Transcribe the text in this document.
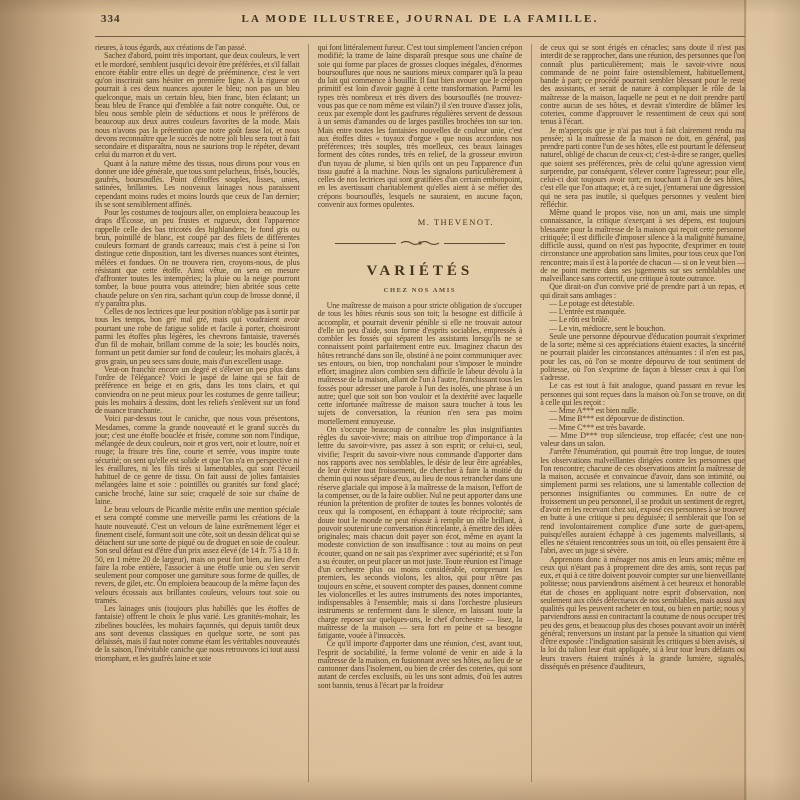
334	LA MODE ILLUSTREE, JOURNAL DE LA FAMILLE.

rieures, à tous égards, aux créations de l'an passé.

Sachez d'abord, point très important, que deux couleurs, le vert et le mordoré, semblent jusqu'ici devoir être préférées, et s'il fallait encore établir entre elles un degré de prééminence, c'est le vert qu'on inscrirait sans hésiter en première ligne. A la rigueur on pourrait à ces deux nuances ajouter le bleu; non pas un bleu quelconque, mais un certain bleu, bien franc, bien éclatant; un beau bleu de France qui d'emblée a fait notre conquête. Oui, ce bleu nous semble plein de séductions et nous le préférons de beaucoup aux deux autres couleurs favorites de la mode. Mais nous n'avons pas la prétention que notre goût fasse loi, et nous devons reconnaître que le succès de notre joli bleu sera tout à fait secondaire et disparaîtra, nous ne saurions trop le répéter, devant celui du marron et du vert.

Quant à la nature même des tissus, nous dirons pour vous en donner une idée générale, que tous sont pelucheux, frisés, bouclés, gaufrés, boursouflés. Point d'étoffes souples, lisses, unies, satinées, brillantes. Les nouveaux lainages nous paraissent cependant moins rudes et moins lourds que ceux de l'an dernier; ils se sont sensiblement affinés.

Pour les costumes de toujours aller, on emploiera beaucoup les draps d'Écosse, un peu frustes et rugueux, dont l'apparence rappelle celle des bas tricotés des highlanders; le fond gris ou brun, pointillé de blanc, est coupé par des filets de différentes couleurs formant de grands carreaux; mais c'est à peine si l'on distingue cette disposition, tant les diverses nuances sont éteintes, mêlées et fondues. On ne trouvera rien, croyons-nous, de plus résistant que cette étoffe. Ainsi vêtue, on sera en mesure d'affronter toutes les intempéries; la pluie ou la neige pourront tomber, la boue pourra vous atteindre; bien abritée sous cette chaude pelure on s'en rira, sachant qu'un coup de brosse donné, il n'y paraîtra plus.

Celles de nos lectrices que leur position n'oblige pas à sortir par tous les temps, bon gré mal gré, mais qui voudraient avoir pourtant une robe de fatigue solide et facile à porter, choisiront parmi les étoffes plus légères, les chevrons fantaisie, traversés d'un fil de mohair, brillant comme de la soie; les bouclés noirs, formant un petit damier sur fond de couleur; les mohairs glacés, à gros grain, un peu secs sans doute, mais d'un excellent usage.

Veut-on franchir encore un degré et s'élever un peu plus dans l'ordre de l'élégance? Voici le jaspé de laine qui se fait de préférence en beige et en gris, dans les tons clairs, et qui conviendra on ne peut mieux pour les costumes de genre tailleur; puis les mohairs à dessins, dont les reliefs s'enlèvent sur un fond de nuance tranchante.

Voici par-dessus tout le caniche, que nous vous présentons, Mesdames, comme la grande nouveauté et le grand succès du jour; c'est une étoffe bouclée et frisée, comme son nom l'indique, mélangée de deux couleurs, noir et gros vert, noir et loutre, noir et rouge; la frisure très fine, courte et serrée, vous inspire toute sécurité; on sent qu'elle est solide et que l'on n'a en perspective ni les éraillures, ni les fils tirés si lamentables, qui sont l'écueil habituel de ce genre de tissu. On fait aussi de jolies fantaisies mélangées laine et soie : pointillés ou granités sur fond glacé; caniche broché, laine sur soie; craquelé de soie sur chaîne de laine.

Le beau velours de Picardie mérite enfin une mention spéciale et sera compté comme une merveille parmi les créations de la haute nouveauté. C'est un velours de laine extrêmement léger et finement ciselé, formant soit une côte, soit un dessin délicat qui se détachent sur une sorte de piqué ou de droguet en soie de couleur. Son seul défaut est d'être d'un prix assez élevé (de 14 fr. 75 à 18 fr. 50, en 1 mètre 20 de largeur), mais on peut fort bien, au lieu d'en faire la robe entière, l'associer à une étoffe unie ou s'en servir seulement pour composer une garniture sous forme de quilles, de revers, de gilet, etc. On emploiera beaucoup de la même façon des velours écossais aux brillantes couleurs, velours tout soie ou tramés.

Les lainages unis (toujours plus habillés que les étoffes de fantaisie) offrent le choix le plus varié. Les granités-mohair, les zibelines bouclées, les mohairs façonnés, qui depuis tantôt deux ans sont devenus classiques en quelque sorte, ne sont pas délaissés, mais il faut noter comme étant les véritables nouveautés de la saison, l'inévitable caniche que nous retrouvons ici tout aussi triomphant, et les gaufrés laine et soie

qui font littéralement fureur. C'est tout simplement l'ancien crépon modifié; la trame de laine disparaît presque sous une chaîne de soie qui forme par places de grosses cloques inégales, d'énormes boursouflures que nous ne saurions mieux comparer qu'à la peau du lait qui commence à bouillir. Il faut bien avouer que le crépon primitif est loin d'avoir gagné à cette transformation. Parmi les types très nombreux et très divers des boursouflés (ne trouvez-vous pas que ce nom même est vilain?) il s'en trouve d'assez jolis, ceux par exemple dont les gaufrures régulières servent de dessous à un semis d'amandes ou de larges pastilles brochées ton sur ton. Mais entre toutes les fantaisies nouvelles de couleur unie, c'est aux étoffes dites « tuyaux d'orgue » que nous accordons nos préférences; très souples, très moelleux, ces beaux lainages forment des côtes rondes, très en relief, de la grosseur environ d'un tuyau de plume, si bien qu'ils ont un peu l'apparence d'un tissu gaufré à la machine. Nous les signalons particulièrement à celles de nos lectrices qui sont gratifiées d'un certain embonpoint, en les avertissant charitablement qu'elles aient à se méfier des crépons boursouflés, lesquels ne sauraient, en aucune façon, convenir aux formes opulentes.

M. THEVENOT.
VARIÉTÉS
CHEZ NOS AMIS

Une maîtresse de maison a pour stricte obligation de s'occuper de tous les hôtes réunis sous son toit; la besogne est difficile à accomplir, et pourrait devenir pénible si elle ne trouvait autour d'elle un peu d'aide, sous forme d'esprits sociables, empressés à combler les fossés qui séparent les assistants lorsqu'ils ne se connaissent point parfaitement entre eux. Imaginez chacun des hôtes retranché dans son île, obstiné à ne point communiquer avec ses entours, ou bien, trop nonchalant pour s'imposer le moindre effort; imaginez alors combien sera difficile le labeur dévolu à la maîtresse de la maison, allant de l'un à l'autre, franchissant tous les fossés pour adresser une parole à l'un des isolés, une phrase à un autre; quel que soit son bon vouloir et la dextérité avec laquelle cette infortunée maîtresse de maison saura toucher à tous les sujets de conversation, la réunion n'en sera pas moins mortellement ennuyeuse.

On s'occupe beaucoup de connaître les plus insignifiantes règles du savoir-vivre; mais on attribue trop d'importance à la lettre du savoir-vivre, pas assez à son esprit; or celui-ci, seul, vivifie; l'esprit du savoir-vivre nous commande d'apporter dans nos rapports avec nos semblables, le désir de leur être agréables, de leur éviter tout froissement, de chercher à faire la moitié du chemin qui nous sépare d'eux, au lieu de nous retrancher dans une réserve glaciale qui impose à la maîtresse de la maison, l'effort de la compenser, ou de la faire oublier. Nul ne peut apporter dans une réunion la prétention de profiter de toutes les bonnes volontés de ceux qui la composent, en échappant à toute réciprocité; sans doute tout le monde ne peut réussir à remplir un rôle brillant, à pouvoir soutenir une conversation étincelante, à émettre des idées originales; mais chacun doit payer son écot, même en ayant la modeste conviction de son insuffisance : tout au moins on peut écouter, quand on ne sait pas s'exprimer avec supériorité; et si l'on a su écouter, on peut placer un mot juste. Toute réunion est l'image d'un orchestre plus ou moins considérable, comprenant les premiers, les seconds violons, les altos, qui pour n'être pas toujours en scène, et souvent compter des pauses, donnent comme les violoncelles et les autres instruments des notes importantes, indispensables à l'ensemble; mais si dans l'orchestre plusieurs instruments se renferment dans le silence, en laissant toute la charge reposer sur quelques-uns, le chef d'orchestre — lisez, la maîtresse de la maison — sera fort en peine et sa besogne fatigante, vouée à l'insuccès.

Ce qu'il importe d'apporter dans une réunion, c'est, avant tout, l'esprit de sociabilité, la ferme volonté de venir en aide à la maîtresse de la maison, en fusionnant avec ses hôtes, au lieu de se cantonner dans l'isolement, ou bien de créer des coteries, qui sont autant de cercles exclusifs, où les uns sont admis, d'où les autres sont bannis, tenus à l'écart par la froideur

de ceux qui se sont érigés en cénacles; sans doute il n'est pas interdit de se rapprocher, dans une réunion, des personnes que l'on connaît plus particulièrement; mais le savoir-vivre nous commande de ne point faire ostensiblement, habituellement, bande à part; ce procédé pourrait sembler blessant pour le reste des assistants, et serait de nature à compliquer le rôle de la maîtresse de la maison, laquelle ne peut et ne doit prendre parti contre aucun de ses hôtes, et devrait s'interdire de blâmer les coteries, comme d'approuver le ressentiment de ceux qui sont tenus à l'écart.

Je m'aperçois que je n'ai pas tout à fait clairement rendu ma pensée; si la maîtresse de la maison ne doit, en général, pas prendre parti contre l'un de ses hôtes, elle est pourtant le défenseur naturel, obligé de chacun de ceux-ci; c'est-à-dire se ranger, quelles que soient ses préférences, près de celui qu'une agression vient surprendre, par conséquent, s'élever contre l'agresseur; pour elle, celui-ci doit toujours avoir tort; en touchant à l'un de ses hôtes, c'est elle que l'on attaque; et, à ce sujet, j'entamerai une digression qui ne sera pas inutile, si quelques personnes y veulent bien réfléchir.

Même quand le propos vise, non un ami, mais une simple connaissance, la critique s'exerçant à ses dépens, est toujours blessante pour la maîtresse de la maison qui reçoit cette personne critiquée; il est difficile d'imposer silence à la malignité humaine, difficile aussi, quand on n'est pas hypocrite, d'exprimer en toute circonstance une approbation sans limites, pour tous ceux que l'on rencontre; mais il est à la portée de chacun — si on le veut bien — de ne point mettre dans ses jugements sur ses semblables une malveillance sans correctif, une critique à toute outrance.

Que dirait-on d'un convive prié de prendre part à un repas, et qui dirait sans ambages :

— Le potage est détestable.

— L'entrée est manquée.

— Le rôti est brûlé.

— Le vin, médiocre, sent le bouchon.

Seule une personne dépourvue d'éducation pourrait s'exprimer de la sorte; même si ces appréciations étaient exactes, la sincérité ne pourrait plaider les circonstances atténuantes : il n'en est pas, pour les cas, où l'on se montre dépourvu de tout sentiment de politesse, où l'on s'exprime de façon à blesser ceux à qui l'on s'adresse.

Le cas est tout à fait analogue, quand passant en revue les personnes qui sont reçues dans la maison où l'on se trouve, on dit à celle qui les reçoit :

— Mme A*** est bien nulle.

— Mme B*** est dépourvue de distinction.

— Mme C*** est très bavarde.

— Mme D*** trop silencieuse, trop effacée; c'est une non-valeur dans un salon.

J'arrête l'énumération, qui pourrait être trop longue, de toutes les observations malveillantes dirigées contre les personnes que l'on rencontre; chacune de ces observations atteint la maîtresse de la maison, accusée et convaincue d'avoir, dans son intimité, ou simplement parmi ses relations, une si lamentable collection de personnes insignifiantes ou communes. En outre de ce froissement un peu personnel, il se produit un sentiment de regret, d'avoir en les recevant chez soi, exposé ces personnes à se trouver en butte à une critique si peu déguisée; il semblerait que l'on se rend involontairement complice d'une sorte de guet-apens, puisqu'elles auraient échappé à ces jugements malveillants, si elles ne s'étaient rencontrées sous un toit, où elles pensaient être à l'abri, avec un juge si sévère.

Apprenons donc à ménager nos amis en leurs amis; même en ceux qui n'étant pas à proprement dire des amis, sont reçus par eux, et qui à ce titre doivent pouvoir compter sur une bienveillante politesse; nous parviendrons aisément à cet heureux et honorable état de choses en appliquant notre esprit d'observation, non seulement aux côtés défectueux de nos semblables, mais aussi aux qualités qui les peuvent racheter en tout, ou bien en partie; nous y parviendrons aussi en contractant la coutume de nous occuper très peu des gens, et beaucoup plus des choses pouvant avoir un intérêt général; renversons un instant par la pensée la situation qui vient d'être exposée : l'indignation saisirait les critiques si bien avisés, si la loi du talion leur était appliquée, si à leur tour leurs défauts ou leurs travers étaient traînés à la grande lumière, signalés, disséqués en présence d'auditeurs,
